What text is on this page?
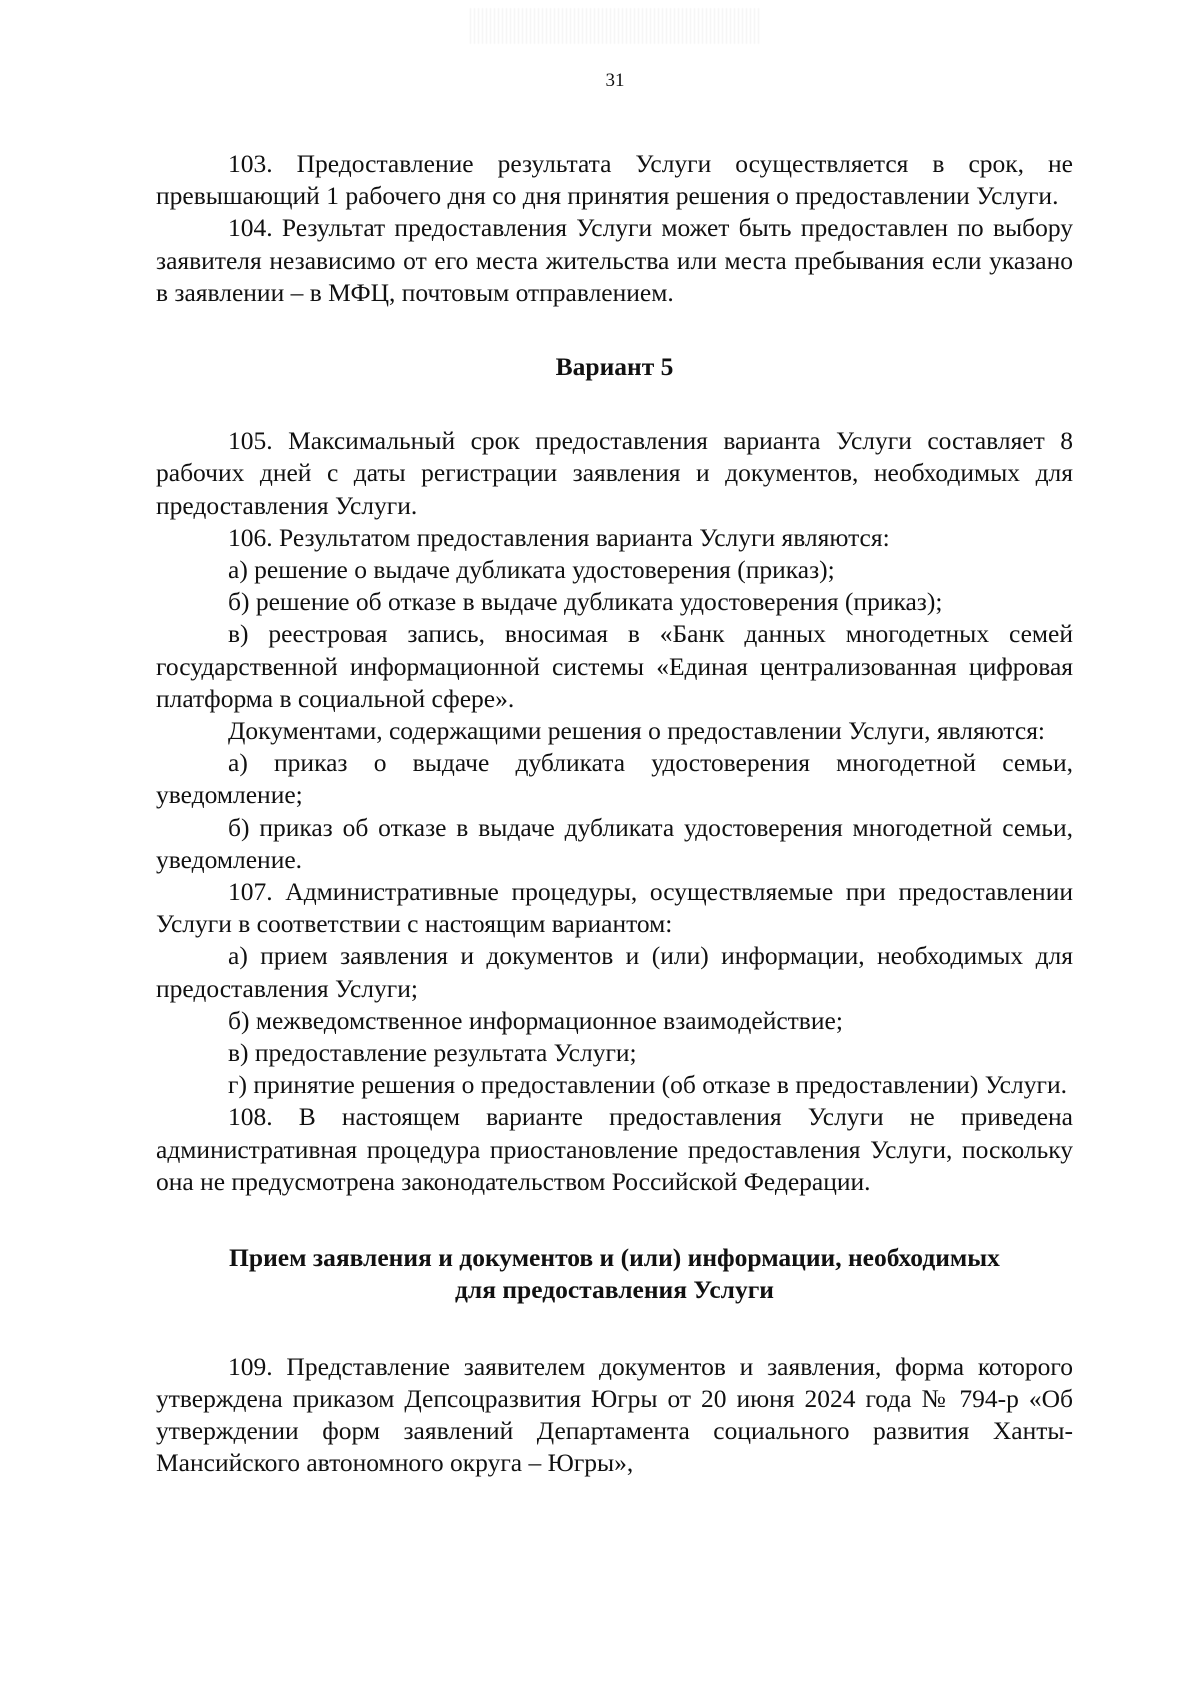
31

103. Предоставление результата Услуги осуществляется в срок, не превышающий 1 рабочего дня со дня принятия решения о предоставлении Услуги.

104. Результат предоставления Услуги может быть предоставлен по выбору заявителя независимо от его места жительства или места пребывания если указано в заявлении – в МФЦ, почтовым отправлением.

Вариант 5

105. Максимальный срок предоставления варианта Услуги составляет 8 рабочих дней с даты регистрации заявления и документов, необходимых для предоставления Услуги.

106. Результатом предоставления варианта Услуги являются:

а) решение о выдаче дубликата удостоверения (приказ);

б) решение об отказе в выдаче дубликата удостоверения (приказ);

в) реестровая запись, вносимая в «Банк данных многодетных семей государственной информационной системы «Единая централизованная цифровая платформа в социальной сфере».

Документами, содержащими решения о предоставлении Услуги, являются:

а) приказ о выдаче дубликата удостоверения многодетной семьи, уведомление;

б) приказ об отказе в выдаче дубликата удостоверения многодетной семьи, уведомление.

107. Административные процедуры, осуществляемые при предоставлении Услуги в соответствии с настоящим вариантом:

а) прием заявления и документов и (или) информации, необходимых для предоставления Услуги;

б) межведомственное информационное взаимодействие;

в) предоставление результата Услуги;

г) принятие решения о предоставлении (об отказе в предоставлении) Услуги.

108. В настоящем варианте предоставления Услуги не приведена административная процедура приостановление предоставления Услуги, поскольку она не предусмотрена законодательством Российской Федерации.

Прием заявления и документов и (или) информации, необходимых
для предоставления Услуги

109. Представление заявителем документов и заявления, форма которого утверждена приказом Депсоцразвития Югры от 20 июня 2024 года № 794-р «Об утверждении форм заявлений Департамента социального развития Ханты-Мансийского автономного округа – Югры»,
